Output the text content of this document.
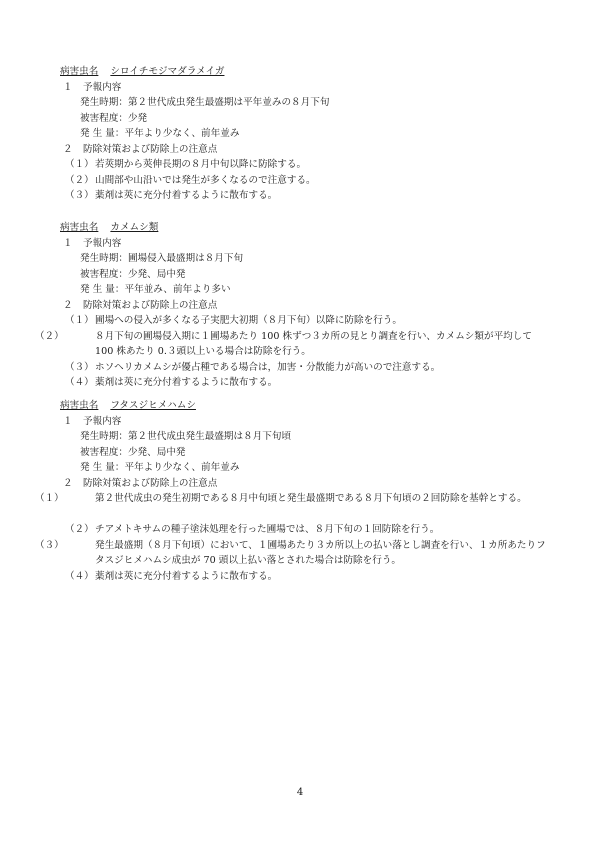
病害虫名 シロイチモジマダラメイガ
１ 予報内容
発生時期：第２世代成虫発生最盛期は平年並みの８月下旬
被害程度：少発
発 生 量：平年より少なく、前年並み
２ 防除対策および防除上の注意点
（１）若莢期から莢伸長期の８月中旬以降に防除する。
（２）山間部や山沿いでは発生が多くなるので注意する。
（３）薬剤は莢に充分付着するように散布する。
病害虫名 カメムシ類
１ 予報内容
発生時期：圃場侵入最盛期は８月下旬
被害程度：少発、局中発
発 生 量：平年並み、前年より多い
２ 防除対策および防除上の注意点
（１）圃場への侵入が多くなる子実肥大初期（８月下旬）以降に防除を行う。
（２）	８月下旬の圃場侵入期に１圃場あたり 100 株ずつ３カ所の見とり調査を行い、カメムシ類が平均して 100 株あたり 0.３頭以上いる場合は防除を行う。
（３）ホソヘリカメムシが優占種である場合は，加害・分散能力が高いので注意する。
（４）薬剤は莢に充分付着するように散布する。
病害虫名 フタスジヒメハムシ
１ 予報内容
発生時期：第２世代成虫発生最盛期は８月下旬頃
被害程度：少発、局中発
発 生 量：平年より少なく、前年並み
２ 防除対策および防除上の注意点
（１）	第２世代成虫の発生初期である８月中旬頃と発生最盛期である８月下旬頃の２回防除を基幹とする。
（２）チアメトキサムの種子塗沫処理を行った圃場では、８月下旬の１回防除を行う。
（３）	発生最盛期（８月下旬頃）において、１圃場あたり３カ所以上の払い落とし調査を行い、１カ所あたりフタスジヒメハムシ成虫が 70 頭以上払い落とされた場合は防除を行う。
（４）薬剤は莢に充分付着するように散布する。
4
